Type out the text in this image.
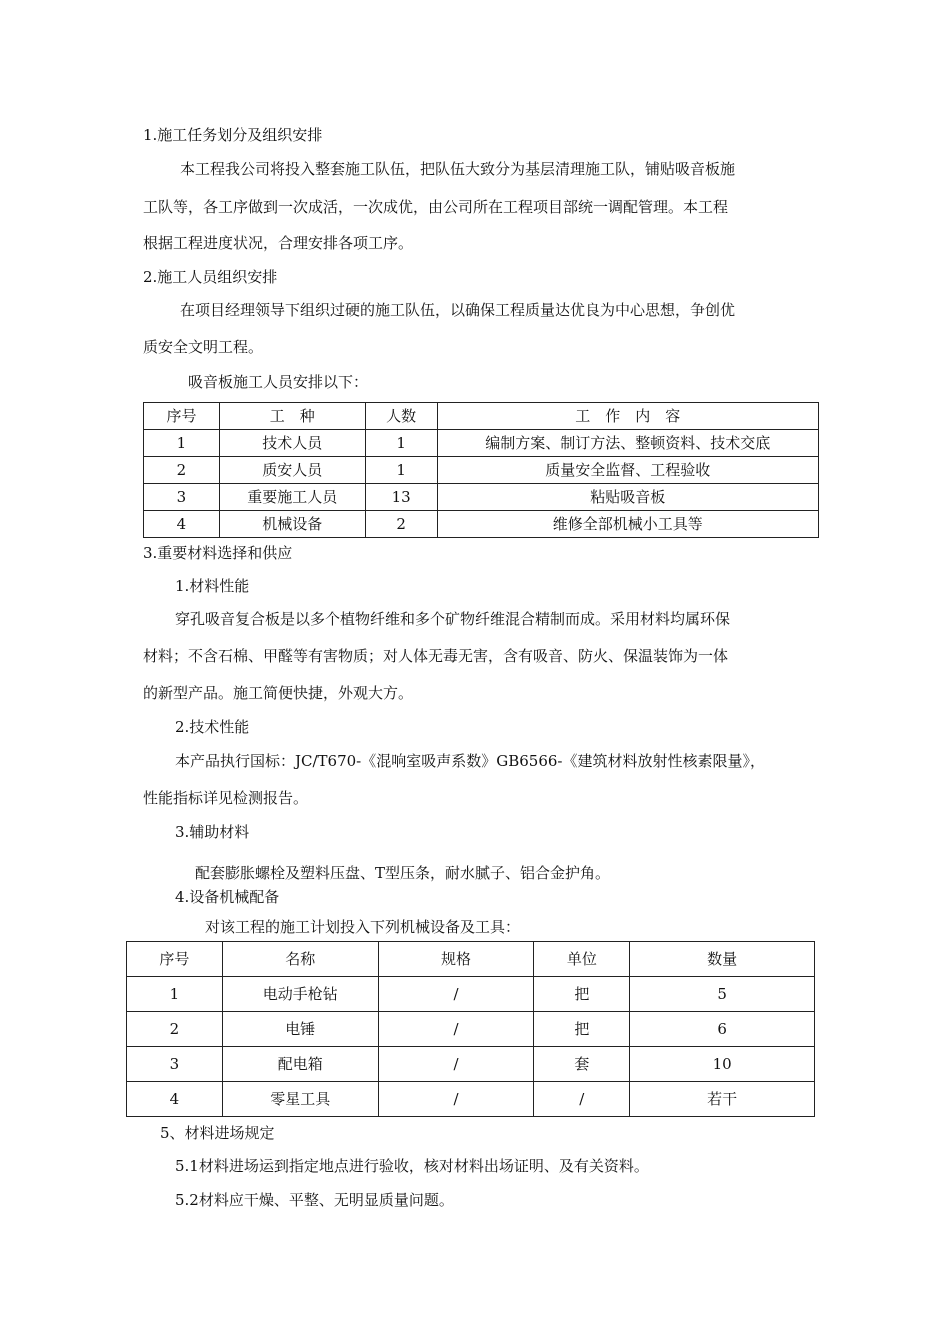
1.施工任务划分及组织安排
本工程我公司将投入整套施工队伍，把队伍大致分为基层清理施工队，铺贴吸音板施
工队等，各工序做到一次成活，一次成优，由公司所在工程项目部统一调配管理。本工程
根据工程进度状况，合理安排各项工序。
2.施工人员组织安排
在项目经理领导下组织过硬的施工队伍，以确保工程质量达优良为中心思想，争创优
质安全文明工程。
吸音板施工人员安排以下：
序号	工　种	人数	工　作　内　容
1	技术人员	1	编制方案、制订方法、整顿资料、技术交底
2	质安人员	1	质量安全监督、工程验收
3	重要施工人员	13	粘贴吸音板
4	机械设备	2	维修全部机械小工具等
3.重要材料选择和供应
1.材料性能
穿孔吸音复合板是以多个植物纤维和多个矿物纤维混合精制而成。采用材料均属环保
材料；不含石棉、甲醛等有害物质；对人体无毒无害，含有吸音、防火、保温装饰为一体
的新型产品。施工简便快捷，外观大方。
2.技术性能
本产品执行国标：JC/T670-《混响室吸声系数》GB6566-《建筑材料放射性核素限量》，
性能指标详见检测报告。
3.辅助材料
配套膨胀螺栓及塑料压盘、T型压条，耐水腻子、铝合金护角。
4.设备机械配备
对该工程的施工计划投入下列机械设备及工具：
序号	名称	规格	单位	数量
1	电动手枪钻	/	把	5
2	电锤	/	把	6
3	配电箱	/	套	10
4	零星工具	/	/	若干
5、材料进场规定
5.1材料进场运到指定地点进行验收，核对材料出场证明、及有关资料。
5.2材料应干燥、平整、无明显质量问题。
